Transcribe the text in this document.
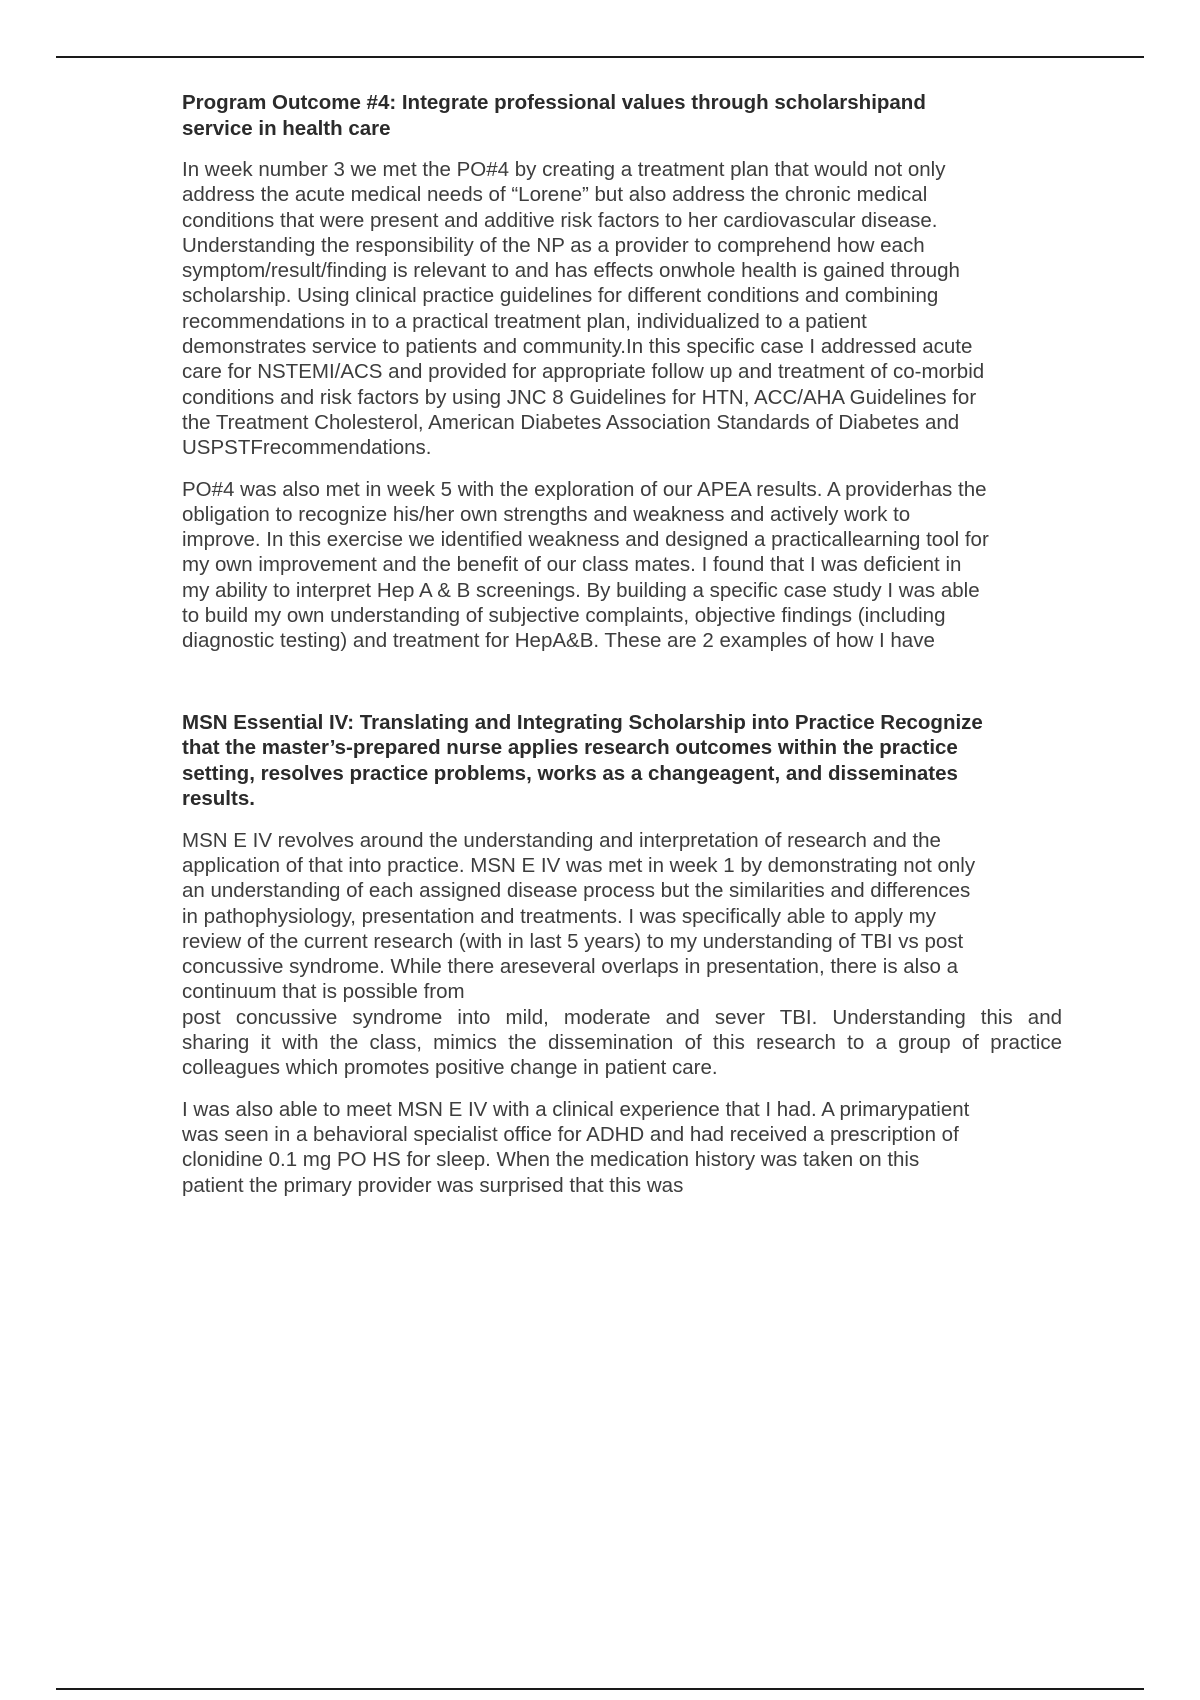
Program Outcome #4: Integrate professional values through scholarshipand
service in health care
In week number 3 we met the PO#4 by creating a treatment plan that would not only
address the acute medical needs of “Lorene” but also address the chronic medical
conditions that were present and additive risk factors to her cardiovascular disease.
Understanding the responsibility of the NP as a provider to comprehend how each
symptom/result/finding is relevant to and has effects onwhole health is gained through
scholarship. Using clinical practice guidelines for different conditions and combining
recommendations in to a practical treatment plan, individualized to a patient
demonstrates service to patients and community.In this specific case I addressed acute
care for NSTEMI/ACS and provided for appropriate follow up and treatment of co-morbid
conditions and risk factors by using JNC 8 Guidelines for HTN, ACC/AHA Guidelines for
the Treatment Cholesterol, American Diabetes Association Standards of Diabetes and
USPSTFrecommendations.
PO#4 was also met in week 5 with the exploration of our APEA results. A providerhas the
obligation to recognize his/her own strengths and weakness and actively work to
improve. In this exercise we identified weakness and designed a practicallearning tool for
my own improvement and the benefit of our class mates. I found that I was deficient in
my ability to interpret Hep A & B screenings. By building a specific case study I was able
to build my own understanding of subjective complaints, objective findings (including
diagnostic testing) and treatment for HepA&B. These are 2 examples of how I have
MSN Essential IV: Translating and Integrating Scholarship into Practice Recognize
that the master’s-prepared nurse applies research outcomes within the practice
setting, resolves practice problems, works as a changeagent, and disseminates
results.
MSN E IV revolves around the understanding and interpretation of research and the
application of that into practice. MSN E IV was met in week 1 by demonstrating not only
an understanding of each assigned disease process but the similarities and differences
in pathophysiology, presentation and treatments. I was specifically able to apply my
review of the current research (with in last 5 years) to my understanding of TBI vs post
concussive syndrome. While there areseveral overlaps in presentation, there is also a
continuum that is possible from
post concussive syndrome into mild, moderate and sever TBI. Understanding this and
sharing it with the class, mimics the dissemination of this research to a group of practice
colleagues which promotes positive change in patient care.
I was also able to meet MSN E IV with a clinical experience that I had. A primarypatient
was seen in a behavioral specialist office for ADHD and had received a prescription of
clonidine 0.1 mg PO HS for sleep. When the medication history was taken on this
patient the primary provider was surprised that this was
